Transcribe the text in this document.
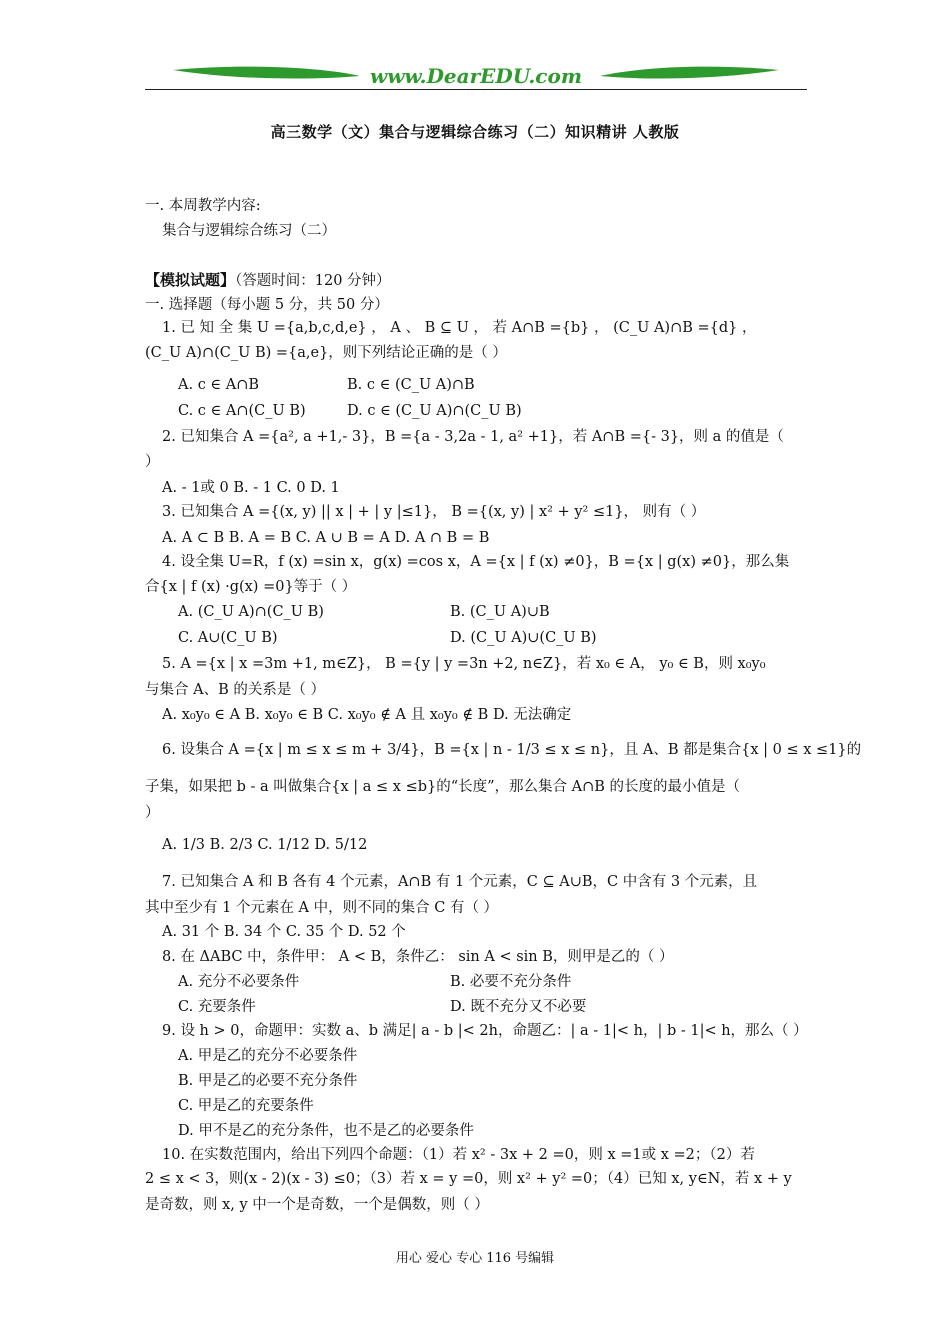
www.DearEDU.com
高三数学（文）集合与逻辑综合练习（二）知识精讲 人教版
一. 本周教学内容:
集合与逻辑综合练习（二）
【模拟试题】（答题时间：120 分钟）
一. 选择题（每小题 5 分，共 50 分）
1. 已 知 全 集 U ={a,b,c,d,e} ， A 、 B ⊆ U ， 若 A∩B ={b} ， (C_U A)∩B ={d} ，
(C_U A)∩(C_U B) ={a,e}，则下列结论正确的是（ ）
A. c ∈ A∩B	B. c ∈ (C_U A)∩B
C. c ∈ A∩(C_U B)	D. c ∈ (C_U A)∩(C_U B)
2. 已知集合 A ={a², a +1,- 3}，B ={a - 3,2a - 1, a² +1}，若 A∩B ={- 3}，则 a 的值是（
）
A. - 1或 0 B. - 1 C. 0 D. 1
3. 已知集合 A ={(x, y) || x | + | y |≤1}， B ={(x, y) | x² + y² ≤1}， 则有（ ）
A. A ⊂ B B. A = B C. A ∪ B = A D. A ∩ B = B
4. 设全集 U=R，f (x) =sin x，g(x) =cos x，A ={x | f (x) ≠0}，B ={x | g(x) ≠0}，那么集
合{x | f (x) ·g(x) =0}等于（ ）
A. (C_U A)∩(C_U B)	B. (C_U A)∪B
C. A∪(C_U B)	D. (C_U A)∪(C_U B)
5. A ={x | x =3m +1, m∈Z}， B ={y | y =3n +2, n∈Z}，若 x₀ ∈ A， y₀ ∈ B，则 x₀y₀
与集合 A、B 的关系是（ ）
A. x₀y₀ ∈ A B. x₀y₀ ∈ B C. x₀y₀ ∉ A 且 x₀y₀ ∉ B D. 无法确定
6. 设集合 A ={x | m ≤ x ≤ m + 3/4}，B ={x | n - 1/3 ≤ x ≤ n}，且 A、B 都是集合{x | 0 ≤ x ≤1}的
子集，如果把 b - a 叫做集合{x | a ≤ x ≤b}的“长度”，那么集合 A∩B 的长度的最小值是（
）
A. 1/3 B. 2/3 C. 1/12 D. 5/12
7. 已知集合 A 和 B 各有 4 个元素，A∩B 有 1 个元素，C ⊆ A∪B，C 中含有 3 个元素，且
其中至少有 1 个元素在 A 中，则不同的集合 C 有（ ）
A. 31 个 B. 34 个 C. 35 个 D. 52 个
8. 在 ΔABC 中，条件甲： A < B，条件乙： sin A < sin B，则甲是乙的（ ）
A. 充分不必要条件	B. 必要不充分条件
C. 充要条件	D. 既不充分又不必要
9. 设 h > 0，命题甲：实数 a、b 满足| a - b |< 2h，命题乙：| a - 1|< h，| b - 1|< h，那么（ ）
A. 甲是乙的充分不必要条件
B. 甲是乙的必要不充分条件
C. 甲是乙的充要条件
D. 甲不是乙的充分条件，也不是乙的必要条件
10. 在实数范围内，给出下列四个命题：（1）若 x² - 3x + 2 =0，则 x =1或 x =2；（2）若
2 ≤ x < 3，则(x - 2)(x - 3) ≤0；（3）若 x = y =0，则 x² + y² =0；（4）已知 x, y∈N，若 x + y
是奇数，则 x, y 中一个是奇数，一个是偶数，则（ ）
用心 爱心 专心 116 号编辑
